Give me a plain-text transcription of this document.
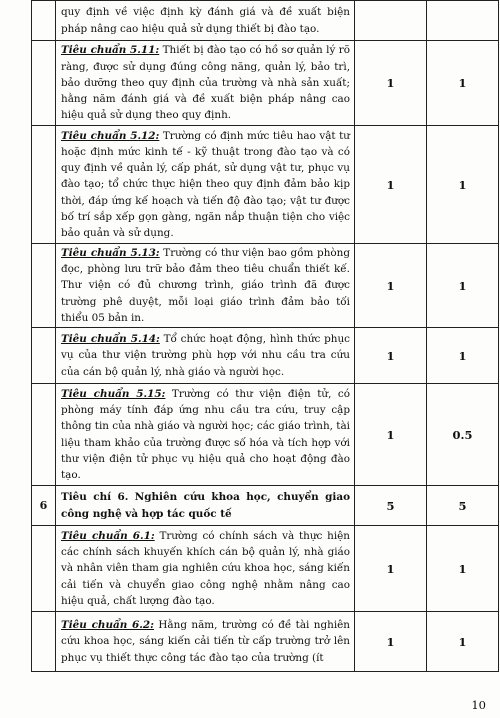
	quy định về việc định kỳ đánh giá và đề xuất biện pháp nâng cao hiệu quả sử dụng thiết bị đào tạo.		
	Tiêu chuẩn 5.11: Thiết bị đào tạo có hồ sơ quản lý rõ ràng, được sử dụng đúng công năng, quản lý, bảo trì, bảo dưỡng theo quy định của trường và nhà sản xuất; hằng năm đánh giá và đề xuất biện pháp nâng cao hiệu quả sử dụng theo quy định.	1	1
	Tiêu chuẩn 5.12: Trường có định mức tiêu hao vật tư hoặc định mức kinh tế - kỹ thuật trong đào tạo và có quy định về quản lý, cấp phát, sử dụng vật tư, phục vụ đào tạo; tổ chức thực hiện theo quy định đảm bảo kịp thời, đáp ứng kế hoạch và tiến độ đào tạo; vật tư được bố trí sắp xếp gọn gàng, ngăn nắp thuận tiện cho việc bảo quản và sử dụng.	1	1
	Tiêu chuẩn 5.13: Trường có thư viện bao gồm phòng đọc, phòng lưu trữ bảo đảm theo tiêu chuẩn thiết kế. Thư viện có đủ chương trình, giáo trình đã được trường phê duyệt, mỗi loại giáo trình đảm bảo tối thiểu 05 bản in.	1	1
	Tiêu chuẩn 5.14: Tổ chức hoạt động, hình thức phục vụ của thư viện trường phù hợp với nhu cầu tra cứu của cán bộ quản lý, nhà giáo và người học.	1	1
	Tiêu chuẩn 5.15: Trường có thư viện điện tử, có phòng máy tính đáp ứng nhu cầu tra cứu, truy cập thông tin của nhà giáo và người học; các giáo trình, tài liệu tham khảo của trường được số hóa và tích hợp với thư viện điện tử phục vụ hiệu quả cho hoạt động đào tạo.	1	0.5
6	Tiêu chí 6. Nghiên cứu khoa học, chuyển giao công nghệ và hợp tác quốc tế	5	5
	Tiêu chuẩn 6.1: Trường có chính sách và thực hiện các chính sách khuyến khích cán bộ quản lý, nhà giáo và nhân viên tham gia nghiên cứu khoa học, sáng kiến cải tiến và chuyển giao công nghệ nhằm nâng cao hiệu quả, chất lượng đào tạo.	1	1
	Tiêu chuẩn 6.2: Hằng năm, trường có đề tài nghiên cứu khoa học, sáng kiến cải tiến từ cấp trường trở lên phục vụ thiết thực công tác đào tạo của trường (ít	1	1
10
